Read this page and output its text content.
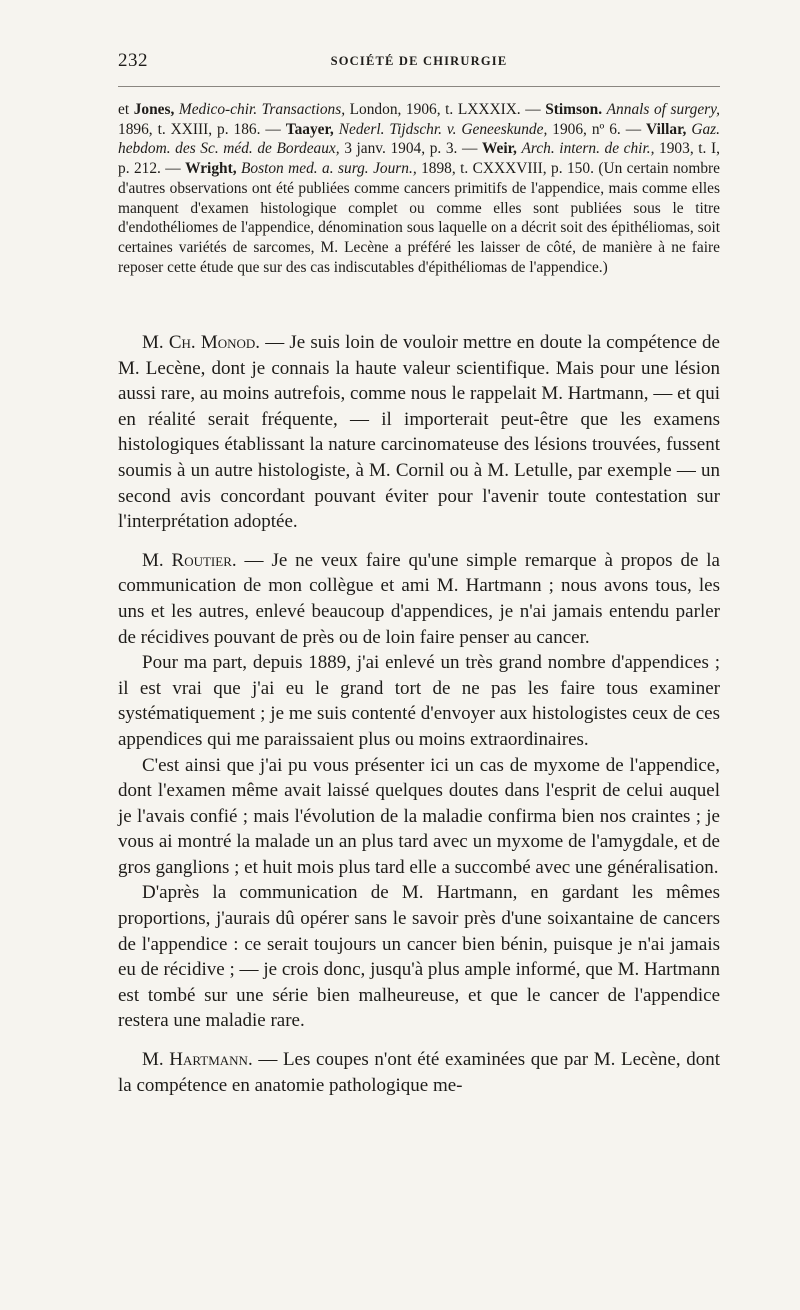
232	SOCIÉTÉ DE CHIRURGIE

et Jones, Medico-chir. Transactions, London, 1906, t. LXXXIX. — Stimson. Annals of surgery, 1896, t. XXIII, p. 186. — Taayer, Nederl. Tijdschr. v. Geneeskunde, 1906, nº 6. — Villar, Gaz. hebdom. des Sc. méd. de Bordeaux, 3 janv. 1904, p. 3. — Weir, Arch. intern. de chir., 1903, t. I, p. 212. — Wright, Boston med. a. surg. Journ., 1898, t. CXXXVIII, p. 150. (Un certain nombre d'autres observations ont été publiées comme cancers primitifs de l'appendice, mais comme elles manquent d'examen histologique complet ou comme elles sont publiées sous le titre d'endothéliomes de l'appendice, dénomination sous laquelle on a décrit soit des épithéliomas, soit certaines variétés de sarcomes, M. Lecène a préféré les laisser de côté, de manière à ne faire reposer cette étude que sur des cas indiscutables d'épithéliomas de l'appendice.)

M. Ch. Monod. — Je suis loin de vouloir mettre en doute la compétence de M. Lecène, dont je connais la haute valeur scientifique. Mais pour une lésion aussi rare, au moins autrefois, comme nous le rappelait M. Hartmann, — et qui en réalité serait fréquente, — il importerait peut-être que les examens histologiques établissant la nature carcinomateuse des lésions trouvées, fussent soumis à un autre histologiste, à M. Cornil ou à M. Letulle, par exemple — un second avis concordant pouvant éviter pour l'avenir toute contestation sur l'interprétation adoptée.

M. Routier. — Je ne veux faire qu'une simple remarque à propos de la communication de mon collègue et ami M. Hartmann ; nous avons tous, les uns et les autres, enlevé beaucoup d'appendices, je n'ai jamais entendu parler de récidives pouvant de près ou de loin faire penser au cancer.

Pour ma part, depuis 1889, j'ai enlevé un très grand nombre d'appendices ; il est vrai que j'ai eu le grand tort de ne pas les faire tous examiner systématiquement ; je me suis contenté d'envoyer aux histologistes ceux de ces appendices qui me paraissaient plus ou moins extraordinaires.

C'est ainsi que j'ai pu vous présenter ici un cas de myxome de l'appendice, dont l'examen même avait laissé quelques doutes dans l'esprit de celui auquel je l'avais confié ; mais l'évolution de la maladie confirma bien nos craintes ; je vous ai montré la malade un an plus tard avec un myxome de l'amygdale, et de gros ganglions ; et huit mois plus tard elle a succombé avec une généralisation.

D'après la communication de M. Hartmann, en gardant les mêmes proportions, j'aurais dû opérer sans le savoir près d'une soixantaine de cancers de l'appendice : ce serait toujours un cancer bien bénin, puisque je n'ai jamais eu de récidive ; — je crois donc, jusqu'à plus ample informé, que M. Hartmann est tombé sur une série bien malheureuse, et que le cancer de l'appendice restera une maladie rare.

M. Hartmann. — Les coupes n'ont été examinées que par M. Lecène, dont la compétence en anatomie pathologique me-
